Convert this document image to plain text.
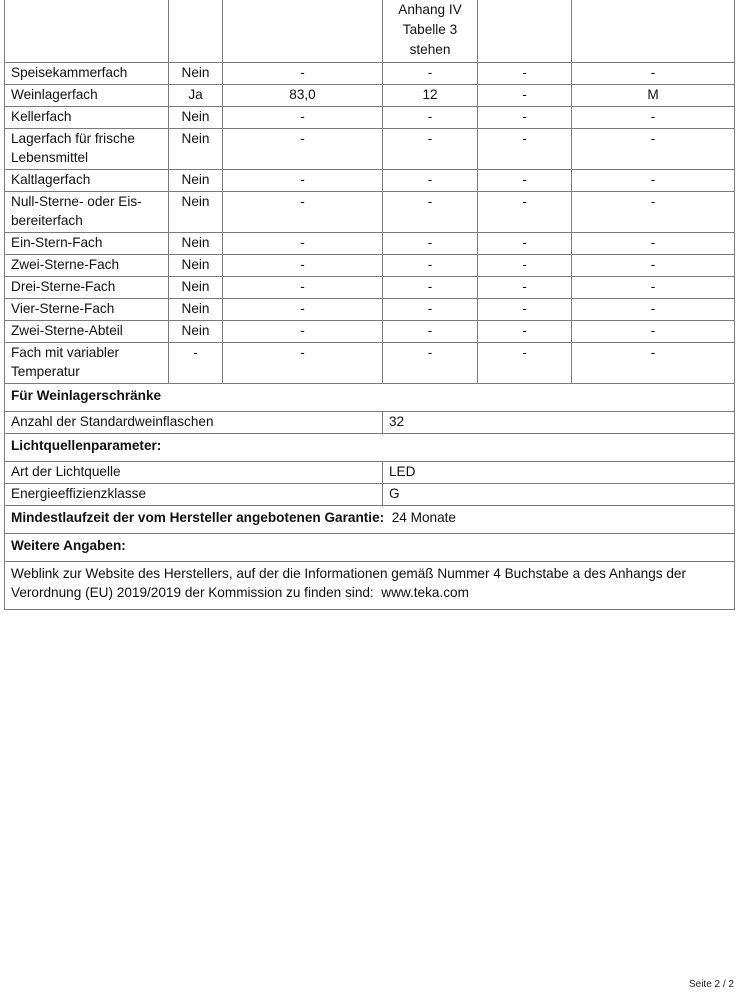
			Anhang IV
Tabelle 3
stehen		

Speisekammerfach	Nein	-	-	-	-
Weinlagerfach	Ja	83,0	12	-	M
Kellerfach	Nein	-	-	-	-
Lagerfach für frische Lebensmittel	Nein	-	-	-	-
Kaltlagerfach	Nein	-	-	-	-
Null-Sterne- oder Eis-bereiterfach	Nein	-	-	-	-
Ein-Stern-Fach	Nein	-	-	-	-
Zwei-Sterne-Fach	Nein	-	-	-	-
Drei-Sterne-Fach	Nein	-	-	-	-
Vier-Sterne-Fach	Nein	-	-	-	-
Zwei-Sterne-Abteil	Nein	-	-	-	-
Fach mit variabler Temperatur	-	-	-	-	-
Für Weinlagerschränke					
Anzahl der Standardweinflaschen			32		
Lichtquellenparameter:					
Art der Lichtquelle			LED		
Energieeffizienzklasse			G		
Mindestlaufzeit der vom Hersteller angebotenen Garantie: 24 Monate					
Weitere Angaben:					
Weblink zur Website des Herstellers, auf der die Informationen gemäß Nummer 4 Buchstabe a des Anhangs der Verordnung (EU) 2019/2019 der Kommission zu finden sind: www.teka.com					
Seite 2 / 2
